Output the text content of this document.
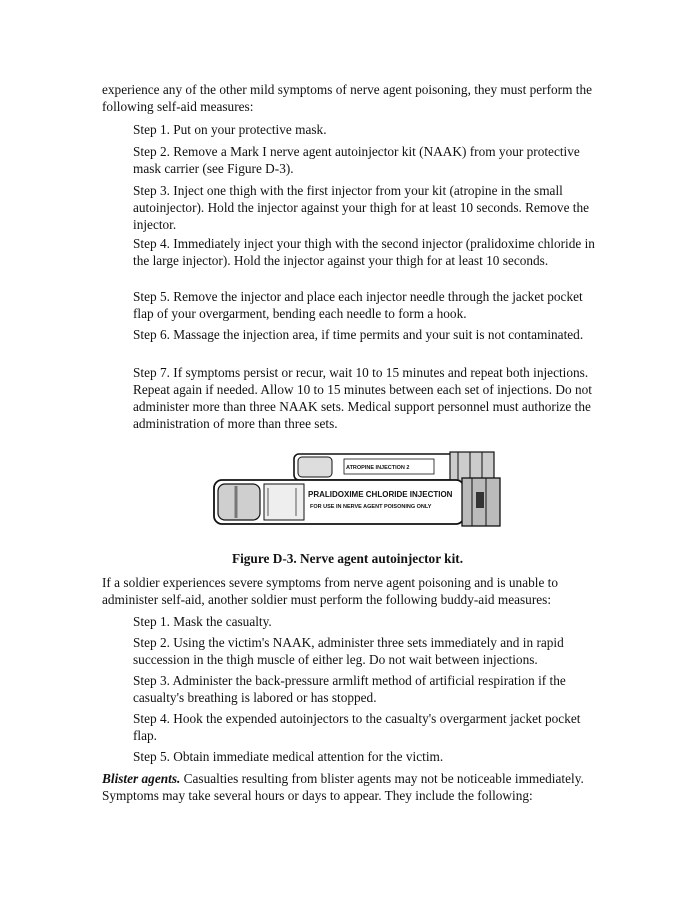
experience any of the other mild symptoms of nerve agent poisoning, they must perform the following self-aid measures:

Step 1. Put on your protective mask.

Step 2. Remove a Mark I nerve agent autoinjector kit (NAAK) from your protective mask carrier (see Figure D-3).

Step 3. Inject one thigh with the first injector from your kit (atropine in the small autoinjector). Hold the injector against your thigh for at least 10 seconds. Remove the injector.

Step 4. Immediately inject your thigh with the second injector (pralidoxime chloride in the large injector). Hold the injector against your thigh for at least 10 seconds.

Step 5. Remove the injector and place each injector needle through the jacket pocket flap of your overgarment, bending each needle to form a hook.

Step 6. Massage the injection area, if time permits and your suit is not contaminated.

Step 7. If symptoms persist or recur, wait 10 to 15 minutes and repeat both injections. Repeat again if needed. Allow 10 to 15 minutes between each set of injections. Do not administer more than three NAAK sets. Medical support personnel must authorize the administration of more than three sets.

ATROPINE INJECTION 2
PRALIDOXIME CHLORIDE INJECTION
FOR USE IN NERVE AGENT POISONING ONLY

Figure D-3. Nerve agent autoinjector kit.

If a soldier experiences severe symptoms from nerve agent poisoning and is unable to administer self-aid, another soldier must perform the following buddy-aid measures:

Step 1. Mask the casualty.

Step 2. Using the victim's NAAK, administer three sets immediately and in rapid succession in the thigh muscle of either leg. Do not wait between injections.

Step 3. Administer the back-pressure armlift method of artificial respiration if the casualty's breathing is labored or has stopped.

Step 4. Hook the expended autoinjectors to the casualty's overgarment jacket pocket flap.

Step 5. Obtain immediate medical attention for the victim.

Blister agents. Casualties resulting from blister agents may not be noticeable immediately. Symptoms may take several hours or days to appear. They include the following:
